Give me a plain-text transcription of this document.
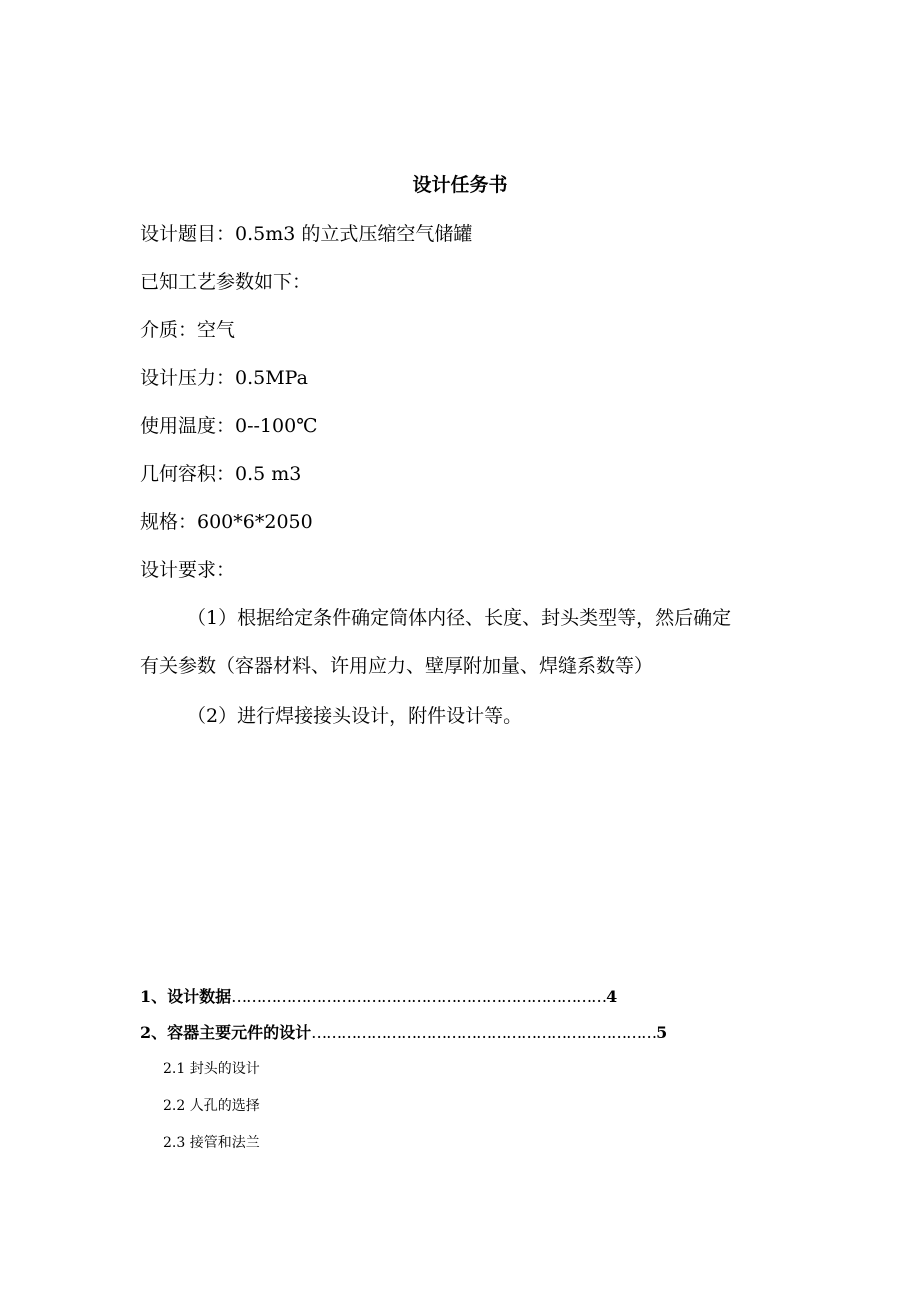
设计任务书
设计题目：0.5m3 的立式压缩空气储罐
已知工艺参数如下：
介质：空气
设计压力：0.5MPa
使用温度：0--100℃
几何容积：0.5 m3
规格：600*6*2050
设计要求：
（1）根据给定条件确定筒体内径、长度、封头类型等，然后确定
有关参数（容器材料、许用应力、壁厚附加量、焊缝系数等）
（2）进行焊接接头设计，附件设计等。
1、设计数据…………………………………………………………………4
2、容器主要元件的设计……………………………………………………………5
2.1 封头的设计
2.2 人孔的选择
2.3 接管和法兰
